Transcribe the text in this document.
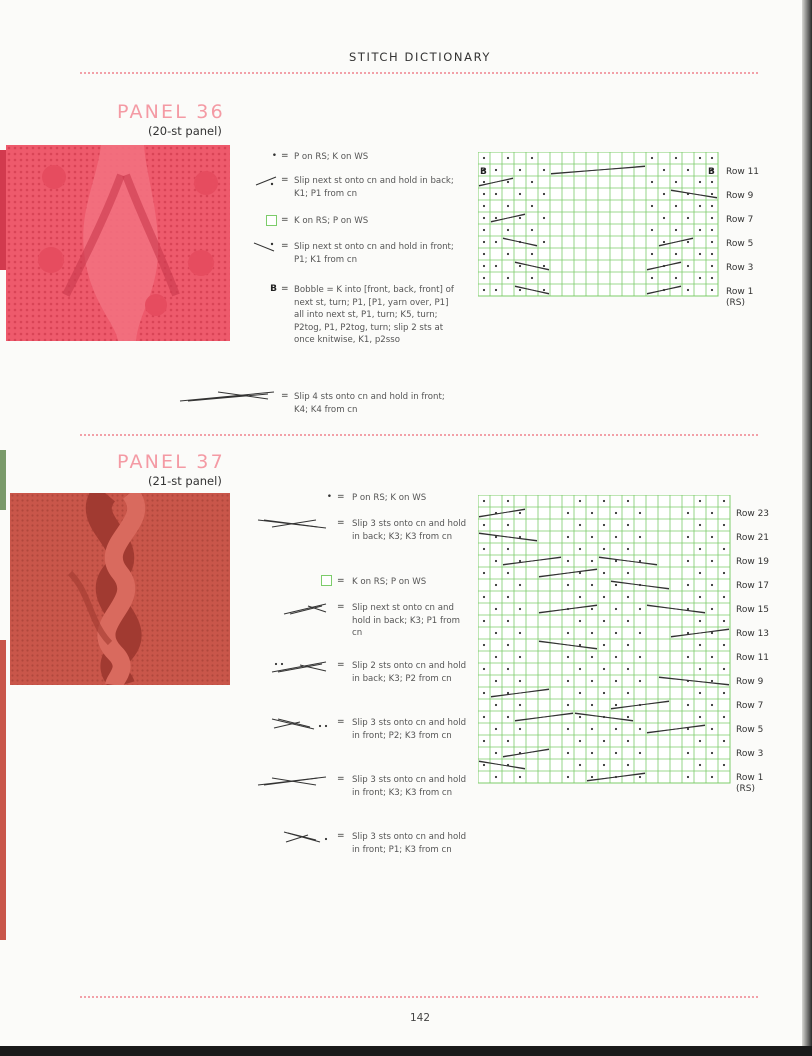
STITCH DICTIONARY
PANEL 36
(20-st panel)
• = P on RS; K on WS
= Slip next st onto cn and hold in back; K1; P1 from cn
= K on RS; P on WS
= Slip next st onto cn and hold in front; P1; K1 from cn
B = Bobble = K into [front, back, front] of next st, turn; P1, [P1, yarn over, P1] all into next st, P1, turn; K5, turn; P2tog, P1, P2tog, turn; slip 2 sts at once knitwise, K1, p2sso
= Slip 4 sts onto cn and hold in front; K4; K4 from cn
B	B Row 11
Row 9
Row 7
Row 5
Row 3
Row 1
(RS)
PANEL 37
(21-st panel)
• = P on RS; K on WS
= Slip 3 sts onto cn and hold in back; K3; K3 from cn
= K on RS; P on WS
= Slip next st onto cn and hold in back; K3; P1 from cn
= Slip 2 sts onto cn and hold in back; K3; P2 from cn
= Slip 3 sts onto cn and hold in front; P2; K3 from cn
= Slip 3 sts onto cn and hold in front; K3; K3 from cn
= Slip 3 sts onto cn and hold in front; P1; K3 from cn
Row 23
Row 21
Row 19
Row 17
Row 15
Row 13
Row 11
Row 9
Row 7
Row 5
Row 3
Row 1
(RS)
142
